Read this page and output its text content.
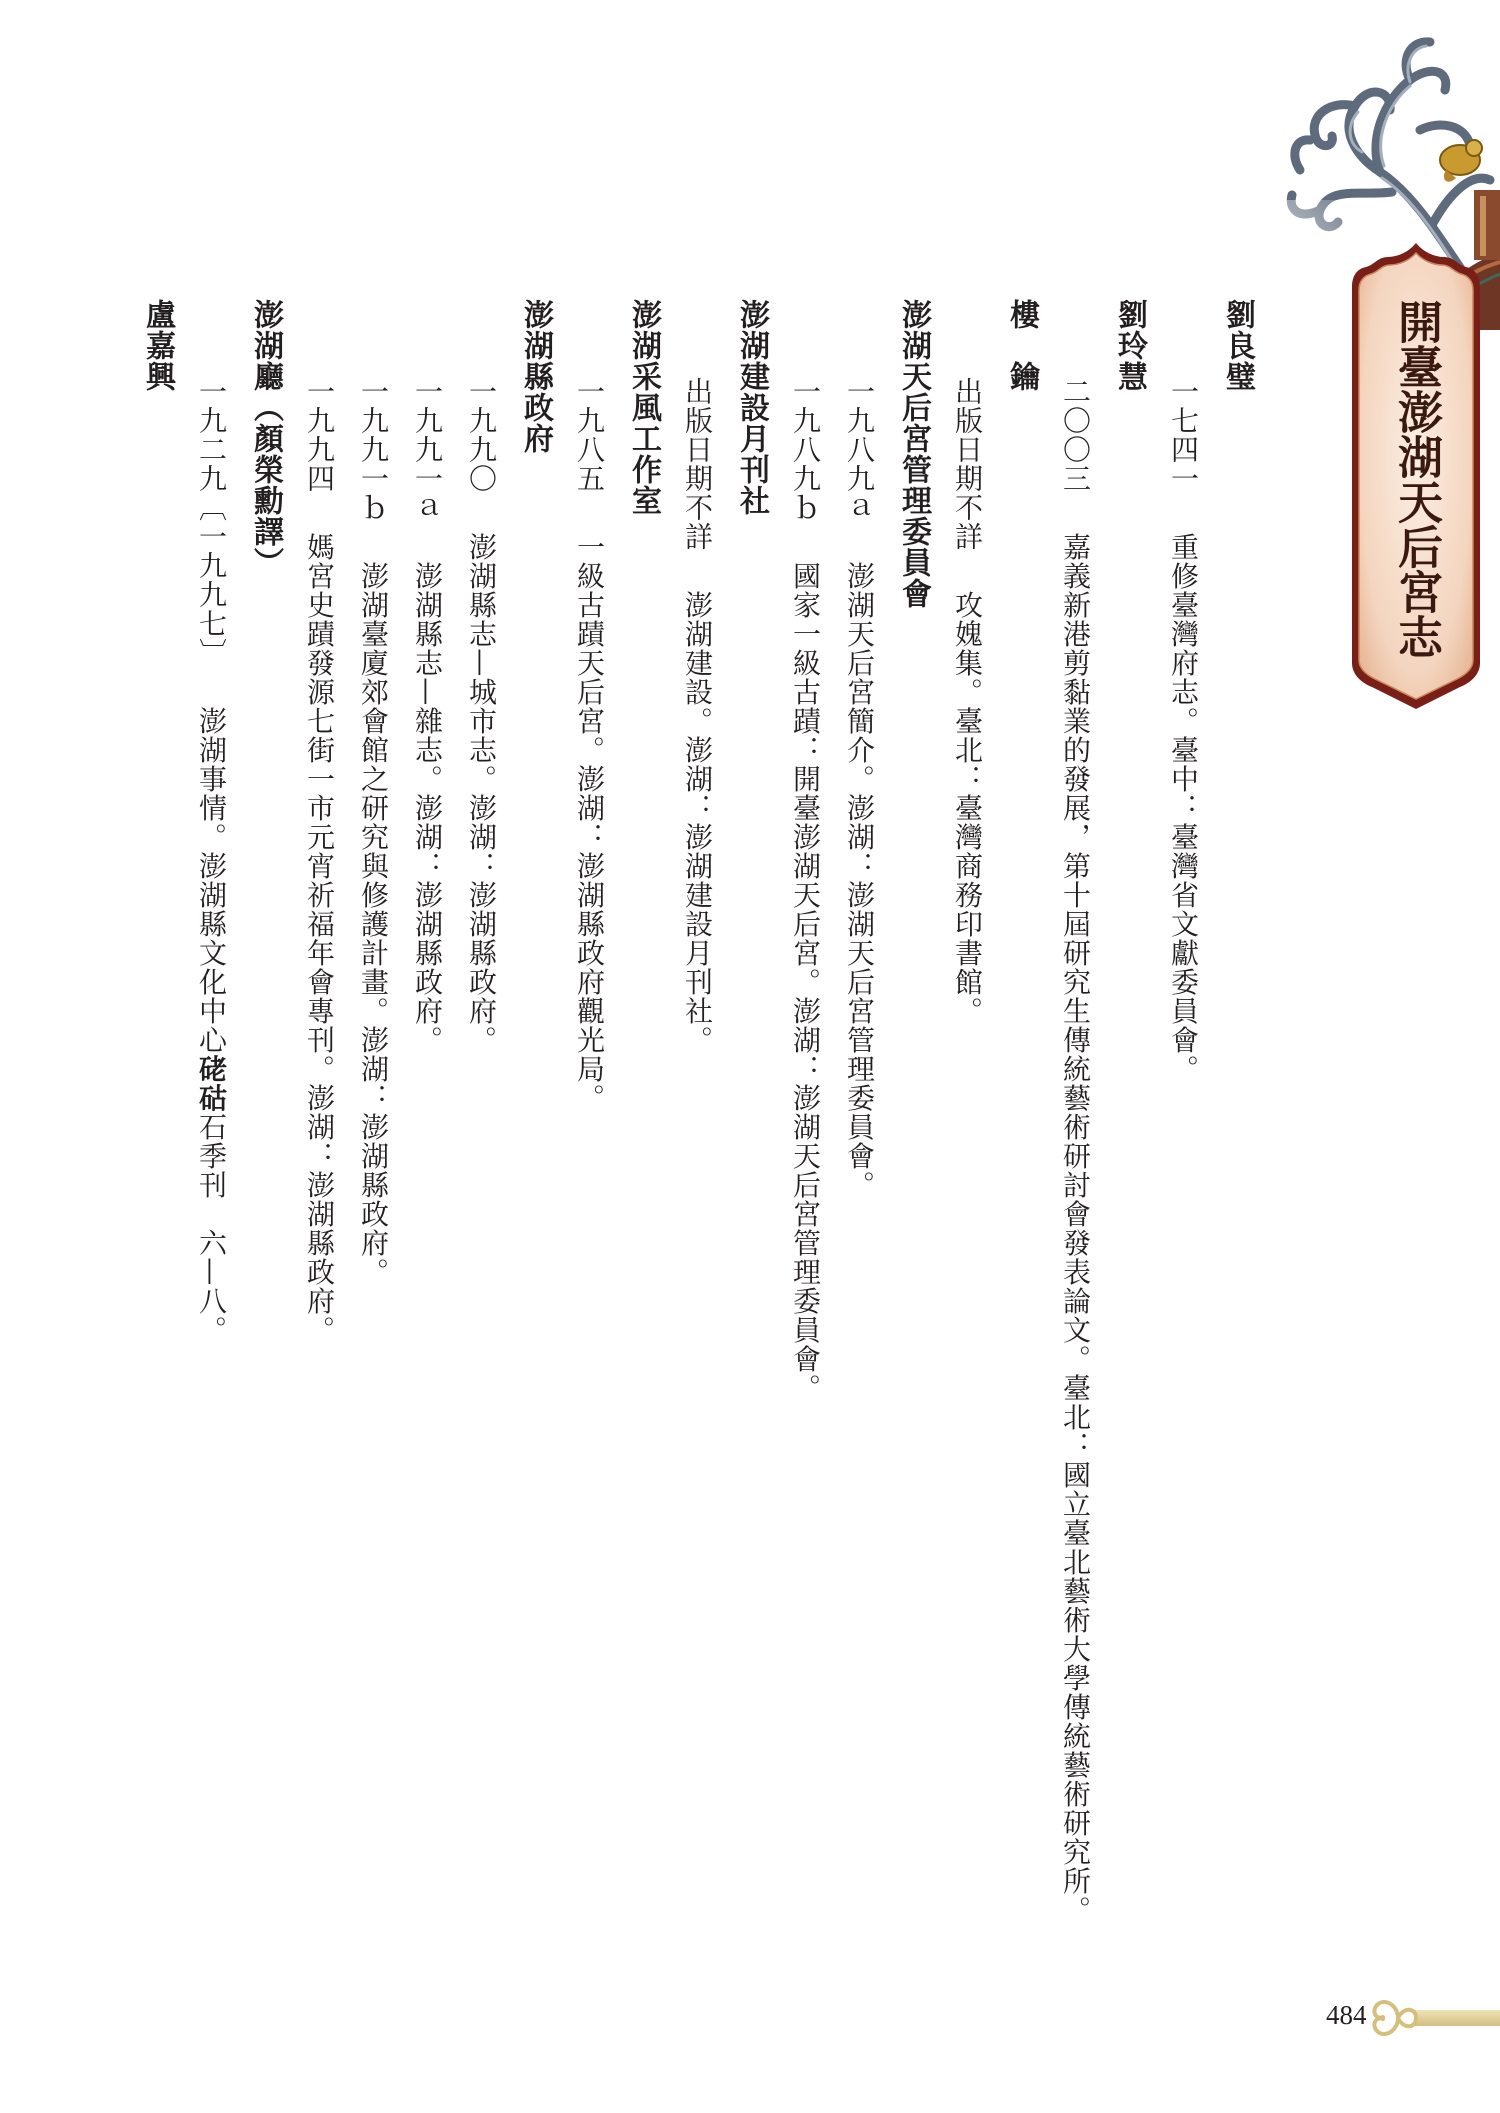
開臺澎湖天后宮志
劉良璧
一七四一重修臺灣府志。臺中：臺灣省文獻委員會。
劉玲慧
二〇〇三嘉義新港剪黏業的發展，第十屆研究生傳統藝術研討會發表論文。臺北：國立臺北藝術大學傳統藝術研究所。
樓　鑰
出版日期不詳攻媿集。臺北：臺灣商務印書館。
澎湖天后宮管理委員會
一九八九ａ澎湖天后宮簡介。澎湖：澎湖天后宮管理委員會。
一九八九ｂ國家一級古蹟：開臺澎湖天后宮。澎湖：澎湖天后宮管理委員會。
澎湖建設月刊社
出版日期不詳澎湖建設。澎湖：澎湖建設月刊社。
澎湖采風工作室
一九八五一級古蹟天后宮。澎湖：澎湖縣政府觀光局。
澎湖縣政府
一九九〇澎湖縣志—城市志。澎湖：澎湖縣政府。
一九九一ａ澎湖縣志—雜志。澎湖：澎湖縣政府。
一九九一ｂ澎湖臺廈郊會館之研究與修護計畫。澎湖：澎湖縣政府。
一九九四媽宮史蹟發源七街一市元宵祈福年會專刊。澎湖：澎湖縣政府。
澎湖廳（顏榮勳譯）
一九二九〔一九九七〕澎湖事情。澎湖縣文化中心硓𥑮石季刊　六—八。
盧嘉興
484
